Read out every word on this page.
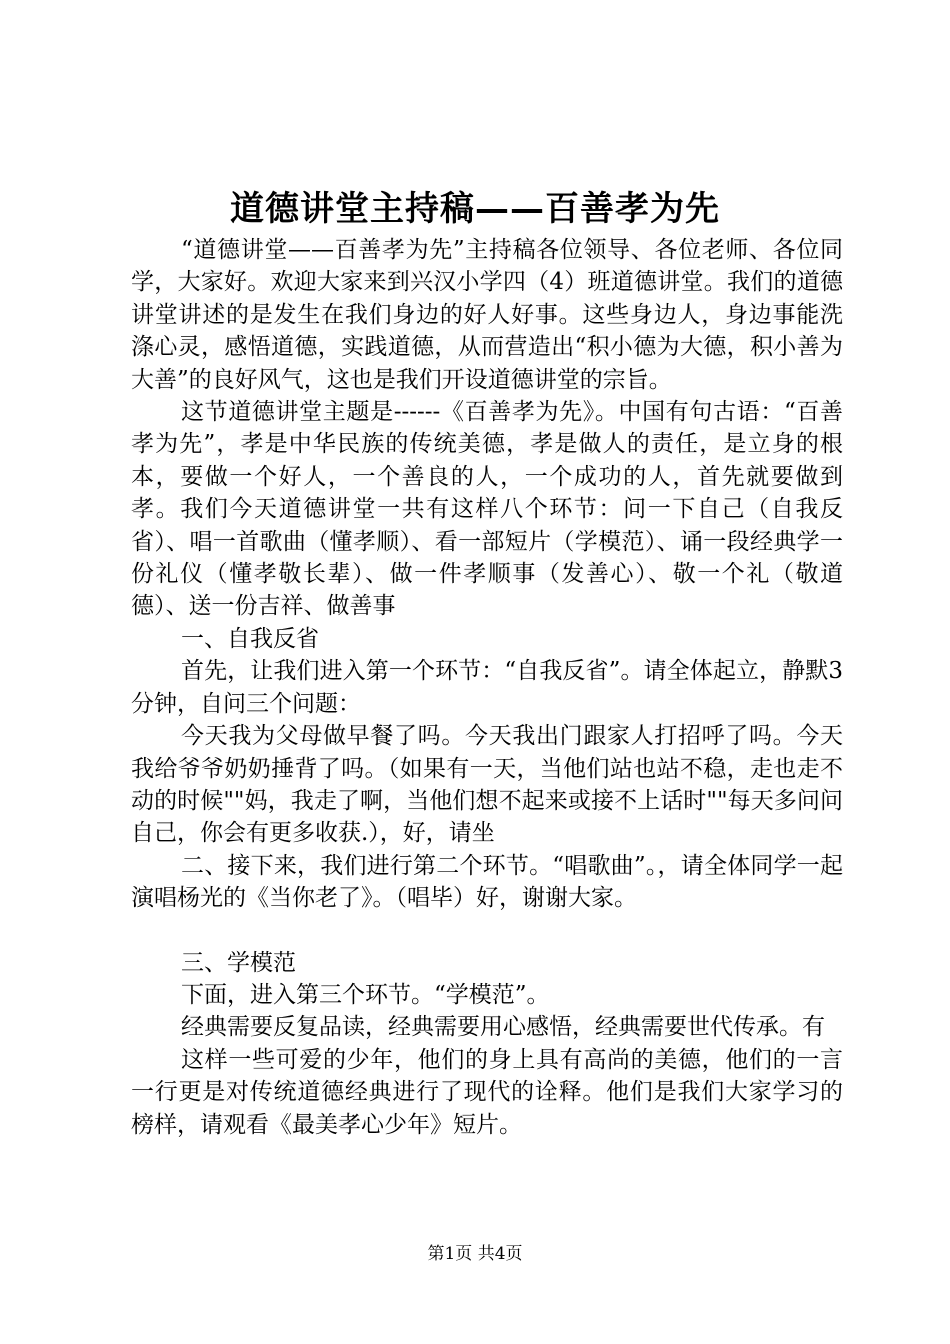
道德讲堂主持稿——百善孝为先

“道德讲堂——百善孝为先”主持稿各位领导、各位老师、各位同学，大家好。欢迎大家来到兴汉小学四（4）班道德讲堂。我们的道德讲堂讲述的是发生在我们身边的好人好事。这些身边人，身边事能洗涤心灵，感悟道德，实践道德，从而营造出“积小德为大德，积小善为大善”的良好风气，这也是我们开设道德讲堂的宗旨。

这节道德讲堂主题是------《百善孝为先》。中国有句古语：“百善孝为先”，孝是中华民族的传统美德，孝是做人的责任，是立身的根本，要做一个好人，一个善良的人，一个成功的人，首先就要做到孝。我们今天道德讲堂一共有这样八个环节：问一下自己（自我反省）、唱一首歌曲（懂孝顺）、看一部短片（学模范）、诵一段经典学一份礼仪（懂孝敬长辈）、做一件孝顺事（发善心）、敬一个礼（敬道德）、送一份吉祥、做善事

一、自我反省

首先，让我们进入第一个环节：“自我反省”。请全体起立，静默3分钟，自问三个问题：

今天我为父母做早餐了吗。今天我出门跟家人打招呼了吗。今天我给爷爷奶奶捶背了吗。（如果有一天，当他们站也站不稳，走也走不动的时候""妈，我走了啊，当他们想不起来或接不上话时""每天多问问自己，你会有更多收获.），好，请坐

二、接下来，我们进行第二个环节。“唱歌曲”。，请全体同学一起演唱杨光的《当你老了》。（唱毕）好，谢谢大家。

三、学模范

下面，进入第三个环节。“学模范”。

经典需要反复品读，经典需要用心感悟，经典需要世代传承。有

这样一些可爱的少年，他们的身上具有高尚的美德，他们的一言一行更是对传统道德经典进行了现代的诠释。他们是我们大家学习的榜样，请观看《最美孝心少年》短片。

第1页 共4页
